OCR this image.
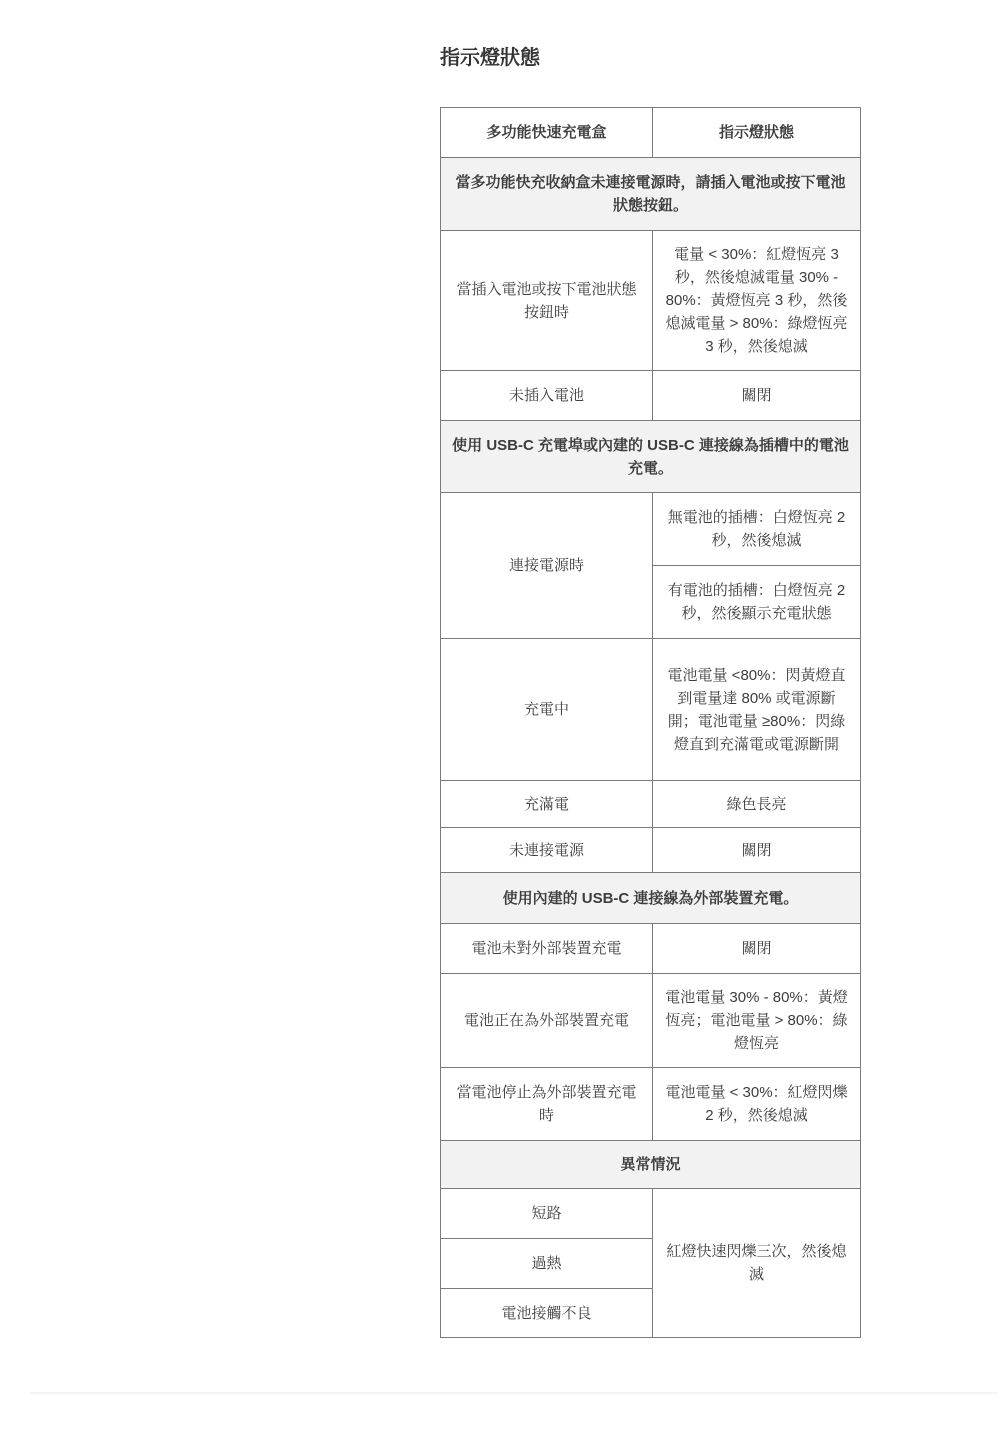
指示燈狀態
多功能快速充電盒	指示燈狀態
當多功能快充收納盒未連接電源時，請插入電池或按下電池狀態按鈕。	
當插入電池或按下電池狀態按鈕時	電量 < 30%：紅燈恆亮 3 秒，然後熄滅電量 30% - 80%：黃燈恆亮 3 秒，然後熄滅電量 > 80%：綠燈恆亮 3 秒，然後熄滅
未插入電池	關閉
使用 USB-C 充電埠或內建的 USB-C 連接線為插槽中的電池充電。	
連接電源時	無電池的插槽：白燈恆亮 2 秒，然後熄滅
	有電池的插槽：白燈恆亮 2 秒，然後顯示充電狀態
充電中	電池電量 <80%：閃黃燈直到電量達 80% 或電源斷開；電池電量 ≥80%：閃綠燈直到充滿電或電源斷開
充滿電	綠色長亮
未連接電源	關閉
使用內建的 USB-C 連接線為外部裝置充電。	
電池未對外部裝置充電	關閉
電池正在為外部裝置充電	電池電量 30% - 80%：黃燈恆亮；電池電量 > 80%：綠燈恆亮
當電池停止為外部裝置充電時	電池電量 < 30%：紅燈閃爍 2 秒，然後熄滅
異常情況	
短路	紅燈快速閃爍三次，然後熄滅
過熱	
電池接觸不良	
